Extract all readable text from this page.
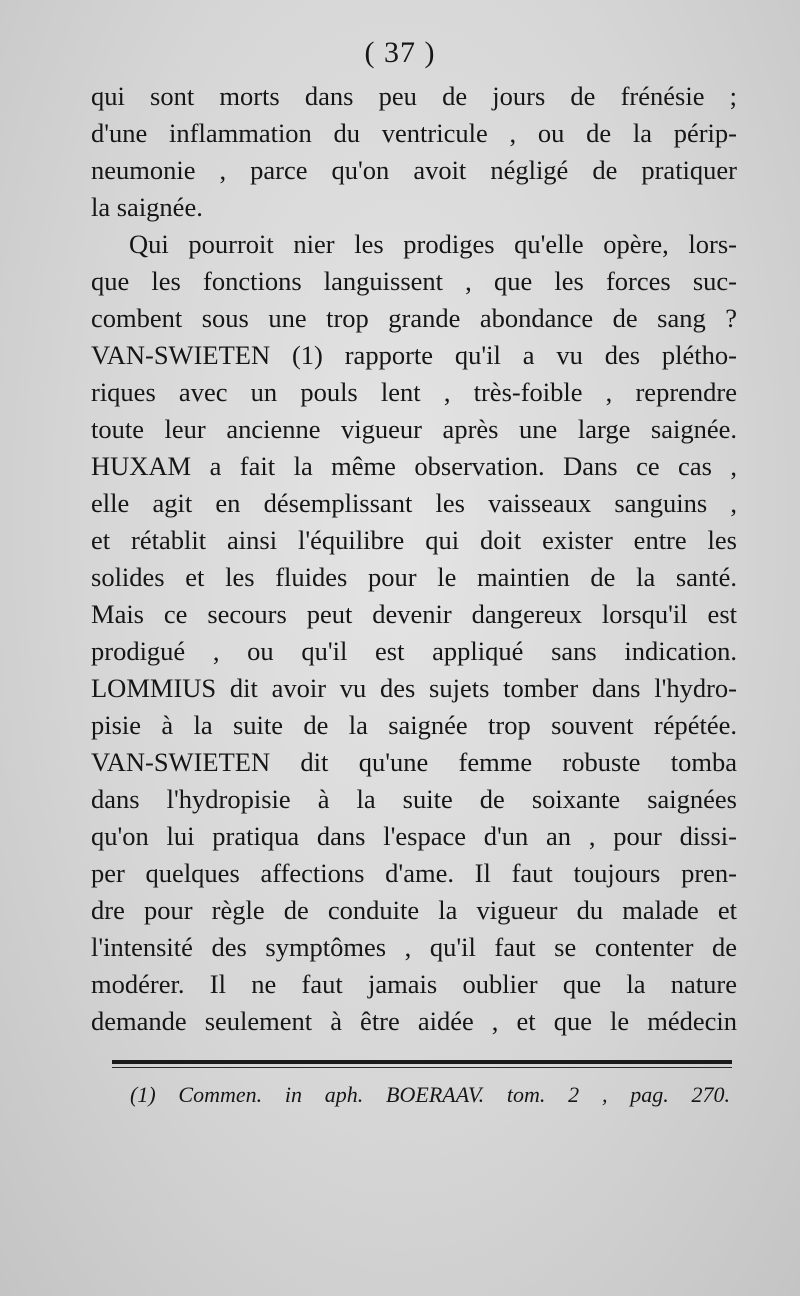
( 37 )
qui sont morts dans peu de jours de frénésie ;
d'une inflammation du ventricule , ou de la périp-
neumonie , parce qu'on avoit négligé de pratiquer
la saignée.
Qui pourroit nier les prodiges qu'elle opère, lors-
que les fonctions languissent , que les forces suc-
combent sous une trop grande abondance de sang ?
VAN-SWIETEN (1) rapporte qu'il a vu des plétho-
riques avec un pouls lent , très-foible , reprendre
toute leur ancienne vigueur après une large saignée.
HUXAM a fait la même observation. Dans ce cas ,
elle agit en désemplissant les vaisseaux sanguins ,
et rétablit ainsi l'équilibre qui doit exister entre les
solides et les fluides pour le maintien de la santé.
Mais ce secours peut devenir dangereux lorsqu'il est
prodigué , ou qu'il est appliqué sans indication.
LOMMIUS dit avoir vu des sujets tomber dans l'hydro-
pisie à la suite de la saignée trop souvent répétée.
VAN-SWIETEN dit qu'une femme robuste tomba
dans l'hydropisie à la suite de soixante saignées
qu'on lui pratiqua dans l'espace d'un an , pour dissi-
per quelques affections d'ame. Il faut toujours pren-
dre pour règle de conduite la vigueur du malade et
l'intensité des symptômes , qu'il faut se contenter de
modérer. Il ne faut jamais oublier que la nature
demande seulement à être aidée , et que le médecin
(1) Commen. in aph. BOERAAV. tom. 2 , pag. 270.
